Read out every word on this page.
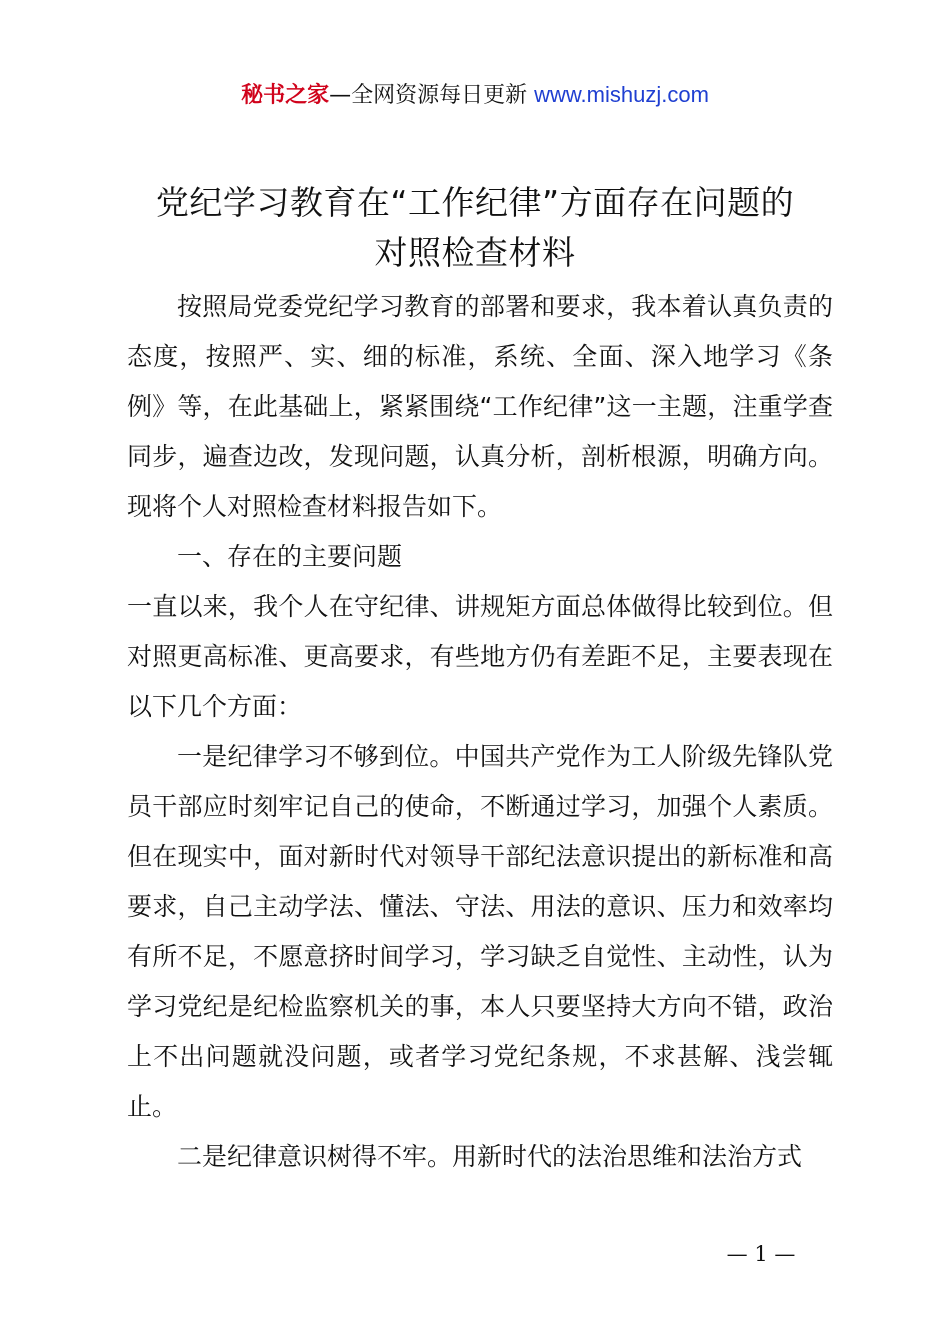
秘书之家—全网资源每日更新 www.mishuzj.com
党纪学习教育在“工作纪律”方面存在问题的
对照检查材料

按照局党委党纪学习教育的部署和要求，我本着认真负责的态度，按照严、实、细的标准，系统、全面、深入地学习《条例》等，在此基础上，紧紧围绕“工作纪律”这一主题，注重学查同步，遍查边改，发现问题，认真分析，剖析根源，明确方向。现将个人对照检查材料报告如下。

一、存在的主要问题

一直以来，我个人在守纪律、讲规矩方面总体做得比较到位。但对照更高标准、更高要求，有些地方仍有差距不足，主要表现在以下几个方面：

一是纪律学习不够到位。中国共产党作为工人阶级先锋队党员干部应时刻牢记自己的使命，不断通过学习，加强个人素质。但在现实中，面对新时代对领导干部纪法意识提出的新标准和高要求，自己主动学法、懂法、守法、用法的意识、压力和效率均有所不足，不愿意挤时间学习，学习缺乏自觉性、主动性，认为学习党纪是纪检监察机关的事，本人只要坚持大方向不错，政治上不出问题就没问题，或者学习党纪条规，不求甚解、浅尝辄止。

二是纪律意识树得不牢。用新时代的法治思维和法治方式

— 1 —
